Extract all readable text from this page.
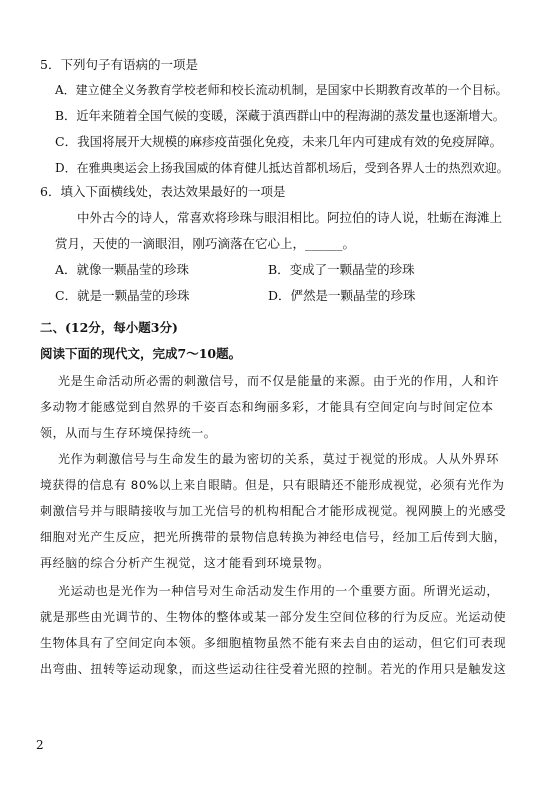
5．下列句子有语病的一项是
A．建立健全义务教育学校老师和校长流动机制，是国家中长期教育改革的一个目标。
B．近年来随着全国气候的变暖，深藏于滇西群山中的程海湖的蒸发量也逐渐增大。
C．我国将展开大规模的麻疹疫苗强化免疫，未来几年内可建成有效的免疫屏障。
D．在雅典奥运会上扬我国威的体育健儿抵达首都机场后，受到各界人士的热烈欢迎。
6．填入下面横线处，表达效果最好的一项是
中外古今的诗人，常喜欢将珍珠与眼泪相比。阿拉伯的诗人说，牡蛎在海滩上
赏月，天使的一滴眼泪，刚巧滴落在它心上，______。
A．就像一颗晶莹的珍珠	B．变成了一颗晶莹的珍珠
C．就是一颗晶莹的珍珠	D．俨然是一颗晶莹的珍珠
二、(12分，每小题3分)
阅读下面的现代文，完成7～10题。
光是生命活动所必需的刺激信号，而不仅是能量的来源。由于光的作用，人和许
多动物才能感觉到自然界的千姿百态和绚丽多彩，才能具有空间定向与时间定位本
领，从而与生存环境保持统一。
光作为刺激信号与生命发生的最为密切的关系，莫过于视觉的形成。人从外界环
境获得的信息有 80%以上来自眼睛。但是，只有眼睛还不能形成视觉，必须有光作为
刺激信号并与眼睛接收与加工光信号的机构相配合才能形成视觉。视网膜上的光感受
细胞对光产生反应，把光所携带的景物信息转换为神经电信号，经加工后传到大脑，
再经脑的综合分析产生视觉，这才能看到环境景物。
光运动也是光作为一种信号对生命活动发生作用的一个重要方面。所谓光运动，
就是那些由光调节的、生物体的整体或某一部分发生空间位移的行为反应。光运动使
生物体具有了空间定向本领。多细胞植物虽然不能有来去自由的运动，但它们可表现
出弯曲、扭转等运动现象，而这些运动往往受着光照的控制。若光的作用只是触发这
2
